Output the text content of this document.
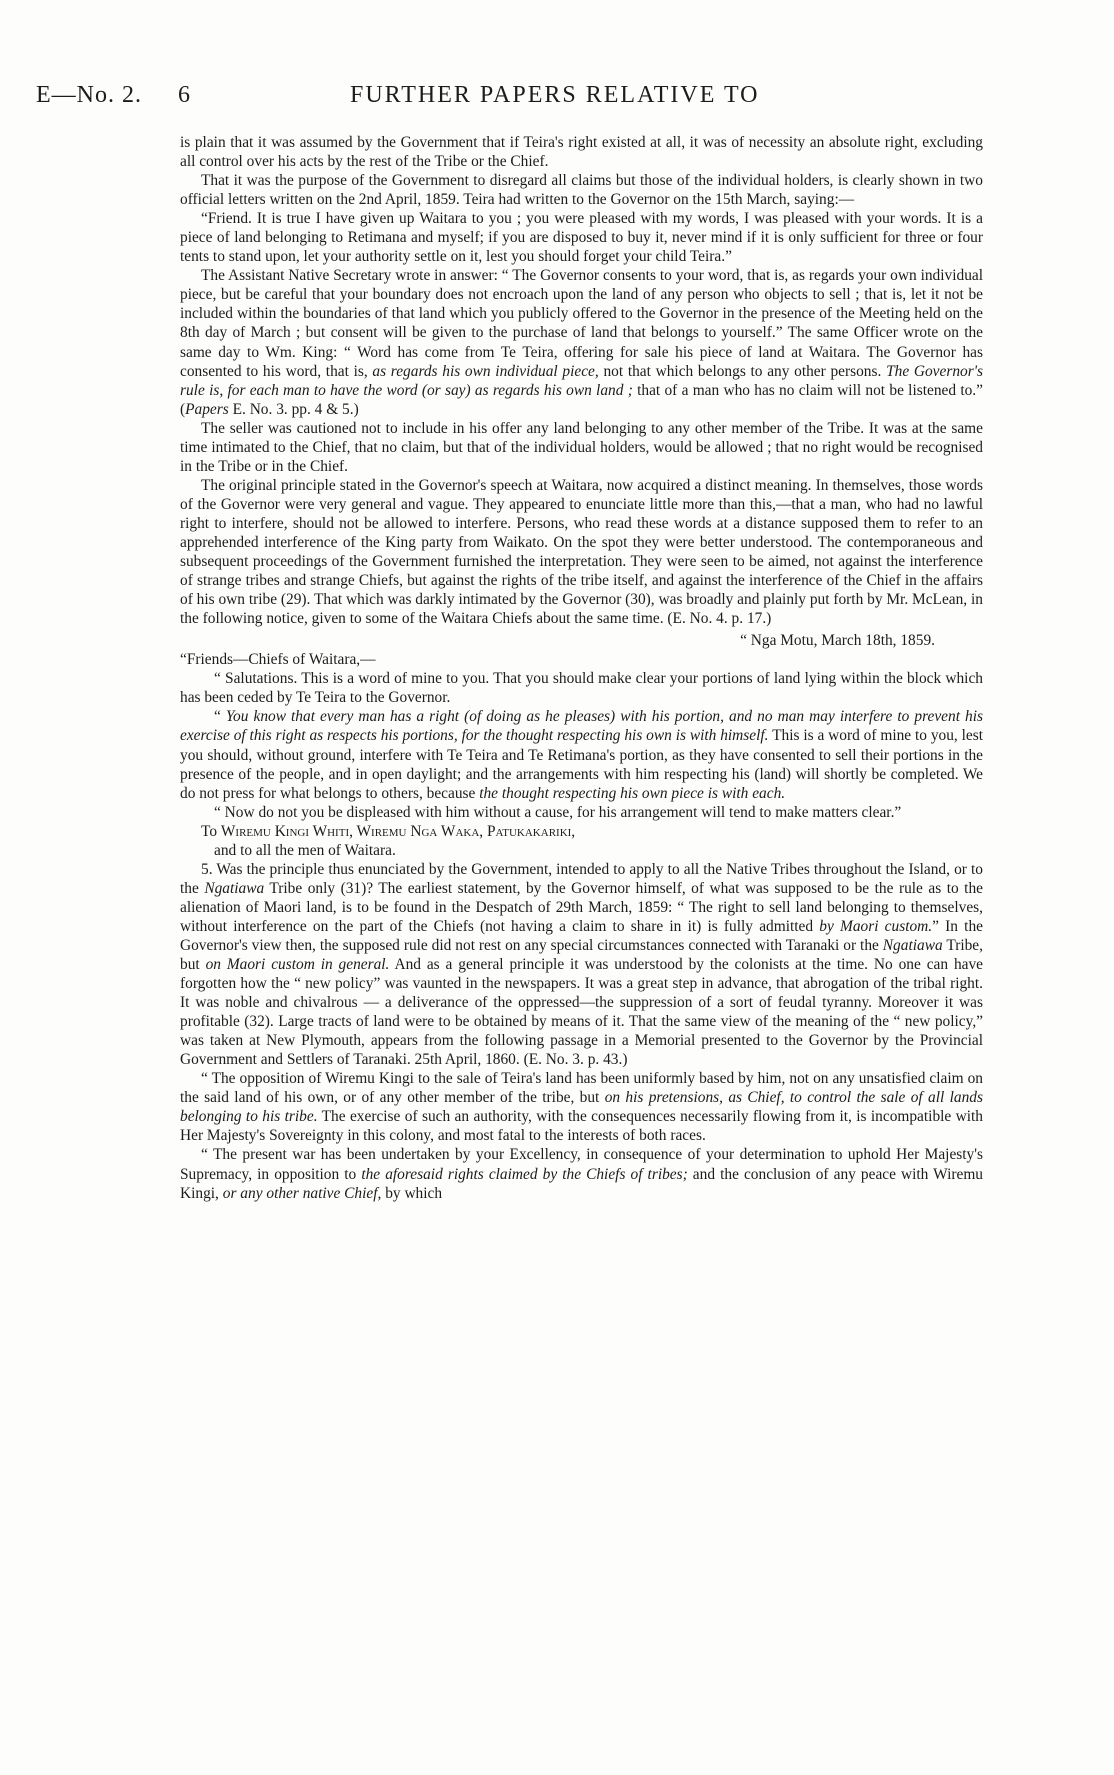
E—No. 2. 6	FURTHER PAPERS RELATIVE TO

is plain that it was assumed by the Government that if Teira's right existed at all, it was of necessity an absolute right, excluding all control over his acts by the rest of the Tribe or the Chief.

That it was the purpose of the Government to disregard all claims but those of the individual holders, is clearly shown in two official letters written on the 2nd April, 1859. Teira had written to the Governor on the 15th March, saying:—

“Friend. It is true I have given up Waitara to you ; you were pleased with my words, I was pleased with your words. It is a piece of land belonging to Retimana and myself; if you are disposed to buy it, never mind if it is only sufficient for three or four tents to stand upon, let your authority settle on it, lest you should forget your child Teira.”

The Assistant Native Secretary wrote in answer: “ The Governor consents to your word, that is, as regards your own individual piece, but be careful that your boundary does not encroach upon the land of any person who objects to sell ; that is, let it not be included within the boundaries of that land which you publicly offered to the Governor in the presence of the Meeting held on the 8th day of March ; but consent will be given to the purchase of land that belongs to yourself.” The same Officer wrote on the same day to Wm. King: “ Word has come from Te Teira, offering for sale his piece of land at Waitara. The Governor has consented to his word, that is, as regards his own individual piece, not that which belongs to any other persons. The Governor's rule is, for each man to have the word (or say) as regards his own land ; that of a man who has no claim will not be listened to.” (Papers E. No. 3. pp. 4 & 5.)

The seller was cautioned not to include in his offer any land belonging to any other member of the Tribe. It was at the same time intimated to the Chief, that no claim, but that of the individual holders, would be allowed ; that no right would be recognised in the Tribe or in the Chief.

The original principle stated in the Governor's speech at Waitara, now acquired a distinct meaning. In themselves, those words of the Governor were very general and vague. They appeared to enunciate little more than this,—that a man, who had no lawful right to interfere, should not be allowed to interfere. Persons, who read these words at a distance supposed them to refer to an apprehended interference of the King party from Waikato. On the spot they were better understood. The contemporaneous and subsequent proceedings of the Government furnished the interpretation. They were seen to be aimed, not against the interference of strange tribes and strange Chiefs, but against the rights of the tribe itself, and against the interference of the Chief in the affairs of his own tribe (29). That which was darkly intimated by the Governor (30), was broadly and plainly put forth by Mr. McLean, in the following notice, given to some of the Waitara Chiefs about the same time. (E. No. 4. p. 17.)

“ Nga Motu, March 18th, 1859.

“Friends—Chiefs of Waitara,—

“ Salutations. This is a word of mine to you. That you should make clear your portions of land lying within the block which has been ceded by Te Teira to the Governor.

“ You know that every man has a right (of doing as he pleases) with his portion, and no man may interfere to prevent his exercise of this right as respects his portions, for the thought respecting his own is with himself. This is a word of mine to you, lest you should, without ground, interfere with Te Teira and Te Retimana's portion, as they have consented to sell their portions in the presence of the people, and in open daylight; and the arrangements with him respecting his (land) will shortly be completed. We do not press for what belongs to others, because the thought respecting his own piece is with each.

“ Now do not you be displeased with him without a cause, for his arrangement will tend to make matters clear.”

To Wiremu Kingi Whiti, Wiremu Nga Waka, Patukakariki,

and to all the men of Waitara.

5. Was the principle thus enunciated by the Government, intended to apply to all the Native Tribes throughout the Island, or to the Ngatiawa Tribe only (31)? The earliest statement, by the Governor himself, of what was supposed to be the rule as to the alienation of Maori land, is to be found in the Despatch of 29th March, 1859: “ The right to sell land belonging to themselves, without interference on the part of the Chiefs (not having a claim to share in it) is fully admitted by Maori custom.” In the Governor's view then, the supposed rule did not rest on any special circumstances connected with Taranaki or the Ngatiawa Tribe, but on Maori custom in general. And as a general principle it was understood by the colonists at the time. No one can have forgotten how the “ new policy” was vaunted in the newspapers. It was a great step in advance, that abrogation of the tribal right. It was noble and chivalrous — a deliverance of the oppressed—the suppression of a sort of feudal tyranny. Moreover it was profitable (32). Large tracts of land were to be obtained by means of it. That the same view of the meaning of the “ new policy,” was taken at New Plymouth, appears from the following passage in a Memorial presented to the Governor by the Provincial Government and Settlers of Taranaki. 25th April, 1860. (E. No. 3. p. 43.)

“ The opposition of Wiremu Kingi to the sale of Teira's land has been uniformly based by him, not on any unsatisfied claim on the said land of his own, or of any other member of the tribe, but on his pretensions, as Chief, to control the sale of all lands belonging to his tribe. The exercise of such an authority, with the consequences necessarily flowing from it, is incompatible with Her Majesty's Sovereignty in this colony, and most fatal to the interests of both races.

“ The present war has been undertaken by your Excellency, in consequence of your determination to uphold Her Majesty's Supremacy, in opposition to the aforesaid rights claimed by the Chiefs of tribes; and the conclusion of any peace with Wiremu Kingi, or any other native Chief, by which
